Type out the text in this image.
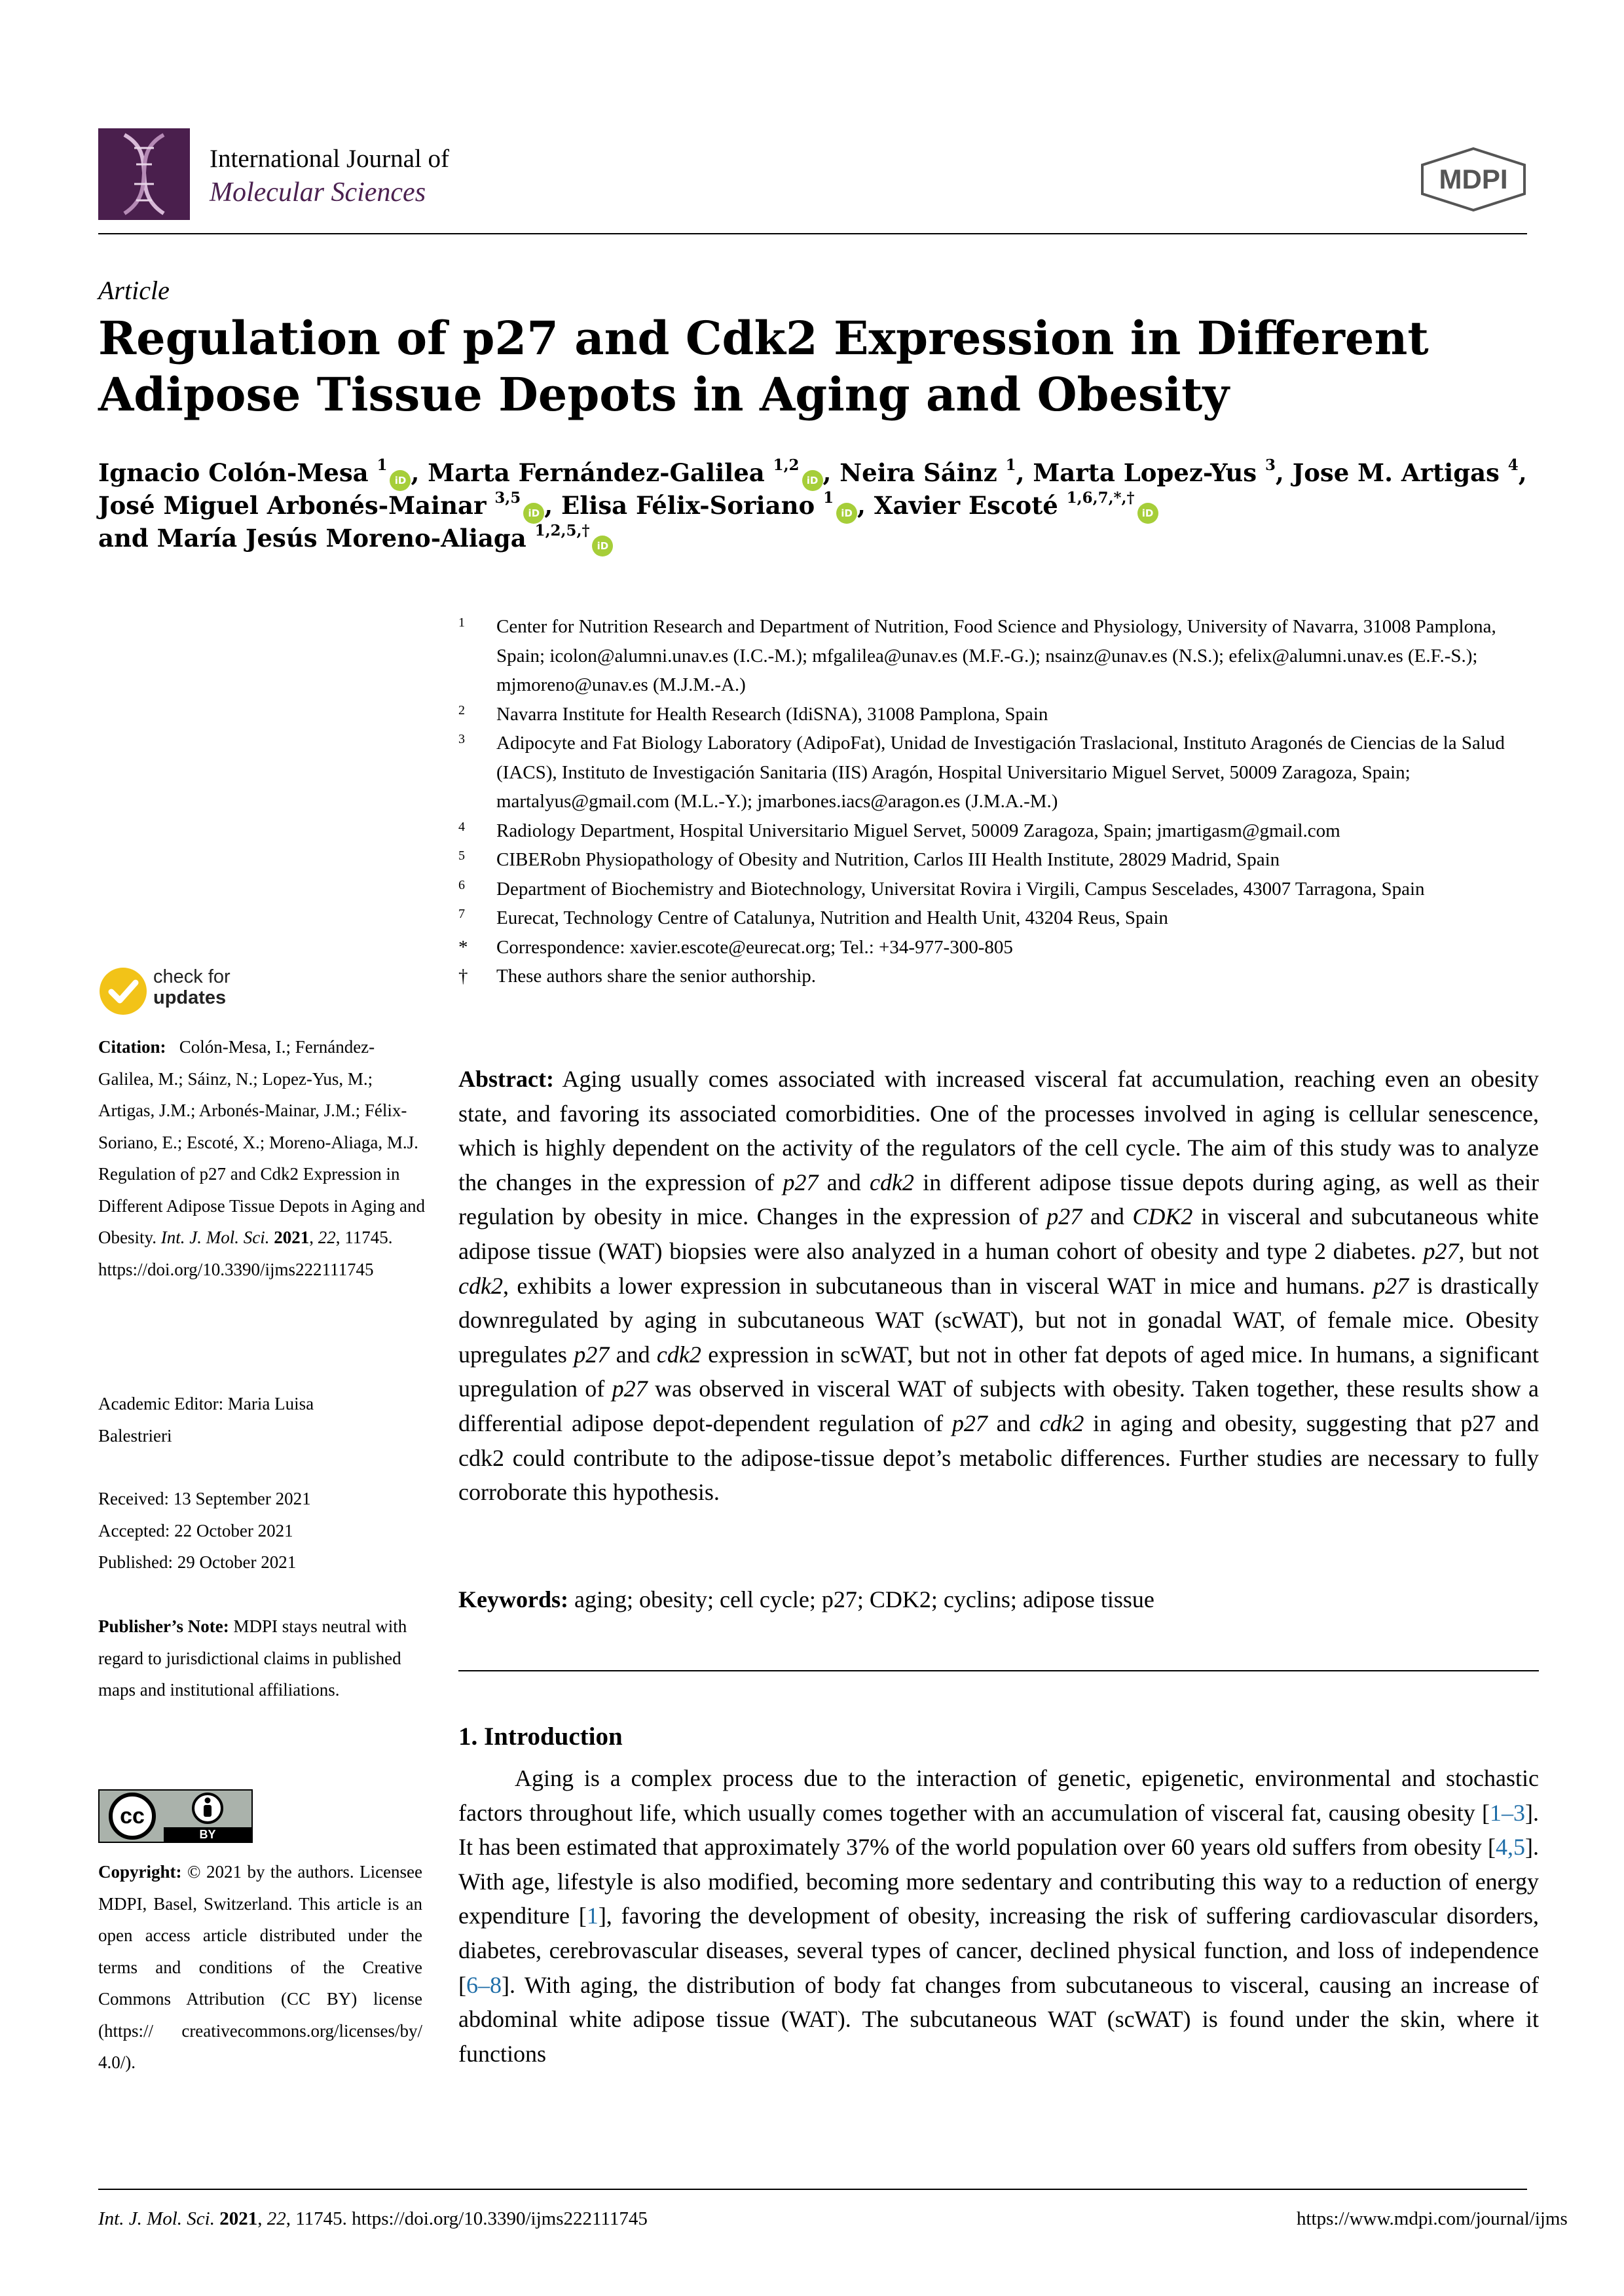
International Journal of
Molecular Sciences	MDPI
Article
Regulation of p27 and Cdk2 Expression in Different Adipose Tissue Depots in Aging and Obesity
Ignacio Colón-Mesa $^1$iD , Marta Fernández-Galilea $^{1,2}$iD , Neira Sáinz $^1$, Marta Lopez-Yus $^3$, Jose M. Artigas $^4$,
José Miguel Arbonés-Mainar $^{3,5}$iD , Elisa Félix-Soriano $^1$iD , Xavier Escoté $^{1,6,7,*,\dagger}$iD
and María Jesús Moreno-Aliaga $^{1,2,5,\dagger}$iD
1 Center for Nutrition Research and Department of Nutrition, Food Science and Physiology, University of Navarra, 31008 Pamplona, Spain; icolon@alumni.unav.es (I.C.-M.); mfgalilea@unav.es (M.F.-G.); nsainz@unav.es (N.S.); efelix@alumni.unav.es (E.F.-S.); mjmoreno@unav.es (M.J.M.-A.)
2 Navarra Institute for Health Research (IdiSNA), 31008 Pamplona, Spain
3 Adipocyte and Fat Biology Laboratory (AdipoFat), Unidad de Investigación Traslacional, Instituto Aragonés de Ciencias de la Salud (IACS), Instituto de Investigación Sanitaria (IIS) Aragón, Hospital Universitario Miguel Servet, 50009 Zaragoza, Spain; martalyus@gmail.com (M.L.-Y.); jmarbones.iacs@aragon.es (J.M.A.-M.)
4 Radiology Department, Hospital Universitario Miguel Servet, 50009 Zaragoza, Spain; jmartigasm@gmail.com
5 CIBERobn Physiopathology of Obesity and Nutrition, Carlos III Health Institute, 28029 Madrid, Spain
6 Department of Biochemistry and Biotechnology, Universitat Rovira i Virgili, Campus Sescelades, 43007 Tarragona, Spain
7 Eurecat, Technology Centre of Catalunya, Nutrition and Health Unit, 43204 Reus, Spain
* Correspondence: xavier.escote@eurecat.org; Tel.: +34-977-300-805
† These authors share the senior authorship.
check for
updates
Citation: Colón-Mesa, I.; Fernández-Galilea, M.; Sáinz, N.; Lopez-Yus, M.; Artigas, J.M.; Arbonés-Mainar, J.M.; Félix-Soriano, E.; Escoté, X.; Moreno-Aliaga, M.J. Regulation of p27 and Cdk2 Expression in Different Adipose Tissue Depots in Aging and Obesity. Int. J. Mol. Sci. 2021, 22, 11745. https://doi.org/10.3390/ijms222111745
Academic Editor: Maria Luisa Balestrieri
Received: 13 September 2021
Accepted: 22 October 2021
Published: 29 October 2021
Publisher’s Note: MDPI stays neutral with regard to jurisdictional claims in published maps and institutional affiliations.
cc
BY
Copyright: © 2021 by the authors. Licensee MDPI, Basel, Switzerland. This article is an open access article distributed under the terms and conditions of the Creative Commons Attribution (CC BY) license (https:// creativecommons.org/licenses/by/ 4.0/).
Abstract: Aging usually comes associated with increased visceral fat accumulation, reaching even an obesity state, and favoring its associated comorbidities. One of the processes involved in aging is cellular senescence, which is highly dependent on the activity of the regulators of the cell cycle. The aim of this study was to analyze the changes in the expression of p27 and cdk2 in different adipose tissue depots during aging, as well as their regulation by obesity in mice. Changes in the expression of p27 and CDK2 in visceral and subcutaneous white adipose tissue (WAT) biopsies were also analyzed in a human cohort of obesity and type 2 diabetes. p27, but not cdk2, exhibits a lower expression in subcutaneous than in visceral WAT in mice and humans. p27 is drastically downregulated by aging in subcutaneous WAT (scWAT), but not in gonadal WAT, of female mice. Obesity upregulates p27 and cdk2 expression in scWAT, but not in other fat depots of aged mice. In humans, a significant upregulation of p27 was observed in visceral WAT of subjects with obesity. Taken together, these results show a differential adipose depot-dependent regulation of p27 and cdk2 in aging and obesity, suggesting that p27 and cdk2 could contribute to the adipose-tissue depot’s metabolic differences. Further studies are necessary to fully corroborate this hypothesis.
Keywords: aging; obesity; cell cycle; p27; CDK2; cyclins; adipose tissue
1. Introduction
Aging is a complex process due to the interaction of genetic, epigenetic, environmental and stochastic factors throughout life, which usually comes together with an accumulation of visceral fat, causing obesity [1–3]. It has been estimated that approximately 37% of the world population over 60 years old suffers from obesity [4,5]. With age, lifestyle is also modified, becoming more sedentary and contributing this way to a reduction of energy expenditure [1], favoring the development of obesity, increasing the risk of suffering cardiovascular disorders, diabetes, cerebrovascular diseases, several types of cancer, declined physical function, and loss of independence [6–8]. With aging, the distribution of body fat changes from subcutaneous to visceral, causing an increase of abdominal white adipose tissue (WAT). The subcutaneous WAT (scWAT) is found under the skin, where it functions
Int. J. Mol. Sci. 2021, 22, 11745. https://doi.org/10.3390/ijms222111745	https://www.mdpi.com/journal/ijms
